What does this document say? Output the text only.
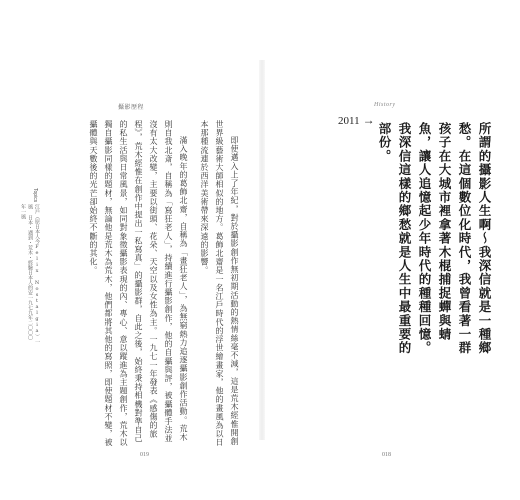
攝影歷程
Topics
江戶（原日本人今Felix Nostalgia）一風 日本・遇到・荒木・經驗日本人的安一九七九年二〇〇〇年一風	即使邁入上了年紀，對於攝影創作無初期活動的熱情絲毫不減，這是荒木經惟開創世界級藝術大師相似的地方。葛飾北齋是一名江戶時代的浮世繪畫家，他的畫風為以日本那種流連於西洋美術帶來深遠的影響。

滿入晚年的葛飾北齋，自稱為「畫狂老人」，為無窮熱力追逐攝影創作活動。荒木則自我北斎，自稱為「寫狂老人」，持續進行攝影創作，他的自攝與評，被攝體手法並沒有太大改變，主要以街頭、花朵、天空以及女性為主。一九七一年發表《感傷的旅程》，荒木經惟在創作中提出一私寫真」的攝影群，自此之後，始終秉持相機對準自己的私生活與日常風景，如同對象徵攝影表現的內、專心、意以蹤進為主題創作，荒木以獨自攝影同樣的題材，無論他是荒木為荒木，他們都將其他的寫照，即使題材不變，被攝體與天數後的光芒卻始終不斷的其化。

019
History
2011 →
所謂的攝影人生啊～我深信就是一種鄉愁。在這個數位化時代，我曾看著一群孩子在大城市裡拿著木棍捕捉蟬與蜻魚，讓人追憶起少年時代的種種回憶。我深信這樣的鄉愁就是人生中最重要的部份。
018
